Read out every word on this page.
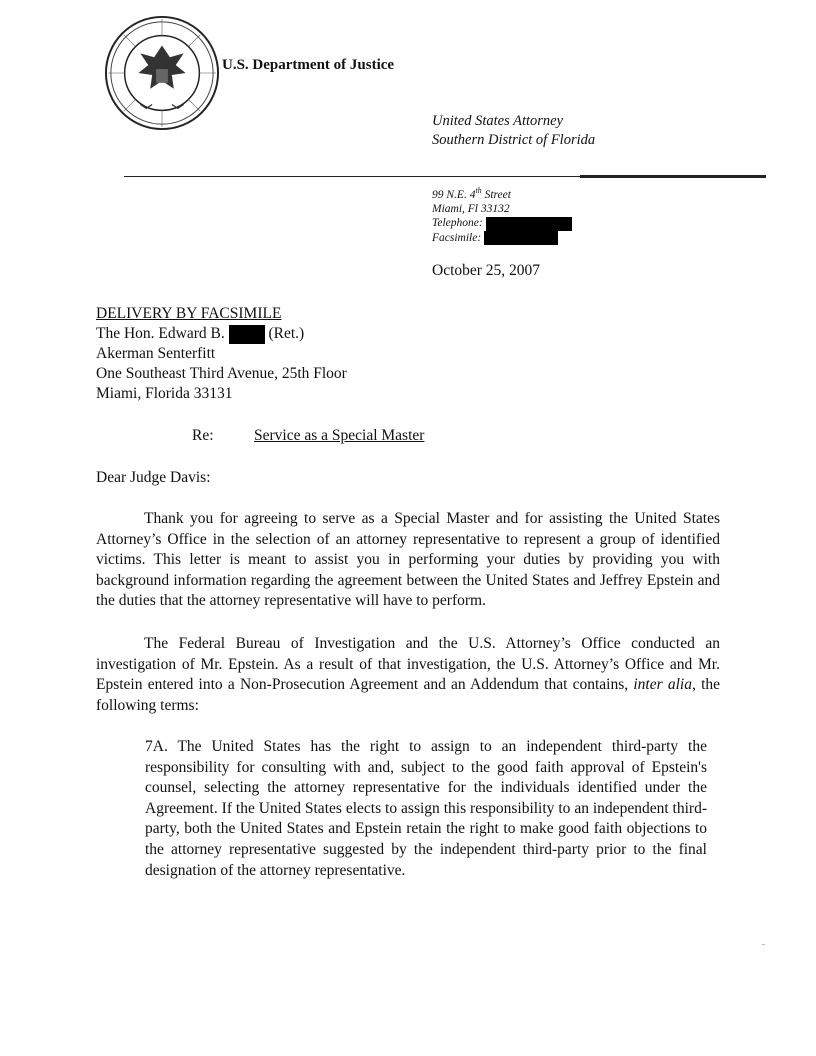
U.S. Department of Justice
United States Attorney
Southern District of Florida
99 N.E. 4th Street
Miami, Fl 33132
Telephone:
Facsimile:
October 25, 2007
DELIVERY BY FACSIMILE
The Hon. Edward B.	(Ret.)
Akerman Senterfitt
One Southeast Third Avenue, 25th Floor
Miami, Florida 33131
Re:	Service as a Special Master
Dear Judge Davis:

Thank you for agreeing to serve as a Special Master and for assisting the United States Attorney’s Office in the selection of an attorney representative to represent a group of identified victims. This letter is meant to assist you in performing your duties by providing you with background information regarding the agreement between the United States and Jeffrey Epstein and the duties that the attorney representative will have to perform.

The Federal Bureau of Investigation and the U.S. Attorney’s Office conducted an investigation of Mr. Epstein. As a result of that investigation, the U.S. Attorney’s Office and Mr. Epstein entered into a Non-Prosecution Agreement and an Addendum that contains, inter alia, the following terms:

7A. The United States has the right to assign to an independent third-party the responsibility for consulting with and, subject to the good faith approval of Epstein's counsel, selecting the attorney representative for the individuals identified under the Agreement. If the United States elects to assign this responsibility to an independent third-party, both the United States and Epstein retain the right to make good faith objections to the attorney representative suggested by the independent third-party prior to the final designation of the attorney representative.
